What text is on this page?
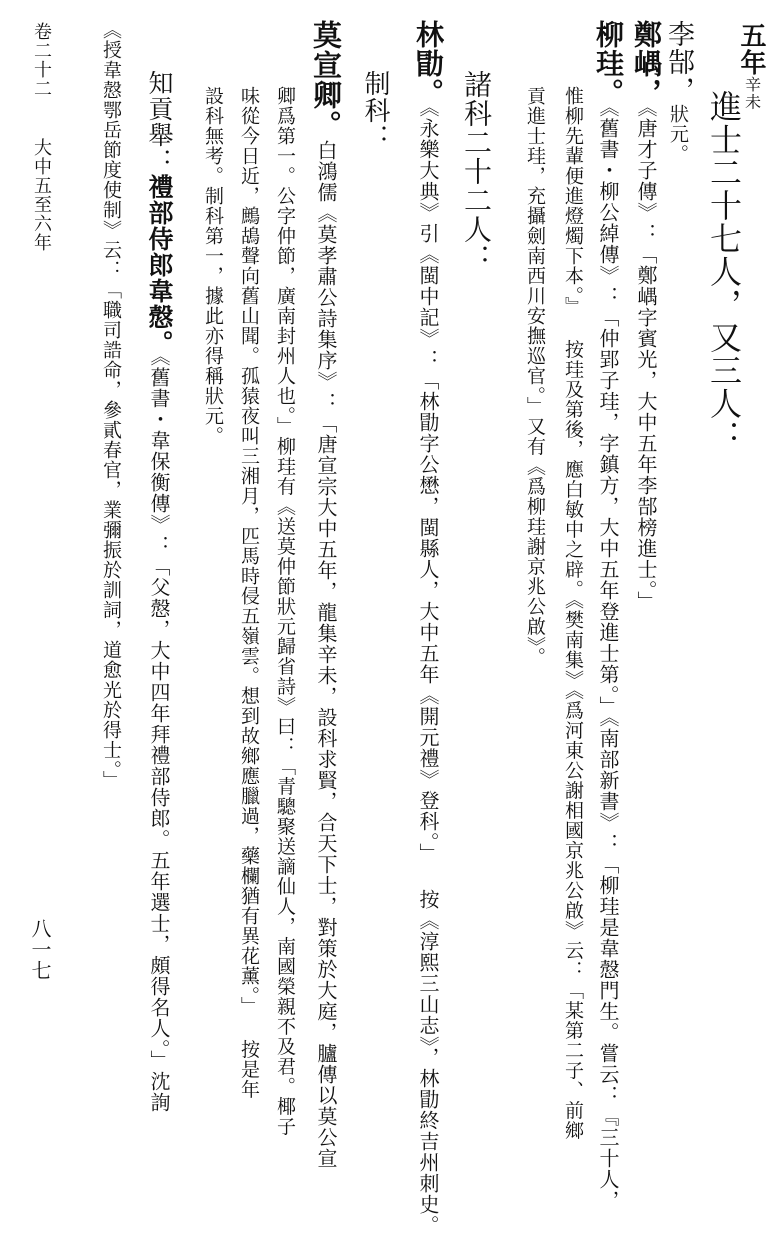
五年辛未
進士二十七人，又三人：
李郜，狀元。
鄭嵎，《唐才子傳》：「鄭嵎字賓光，大中五年李郜榜進士。」
柳珪。《舊書・柳公綽傳》：「仲郢子珪，字鎮方，大中五年登進士第。」《南部新書》：「柳珪是韋慤門生。嘗云：『三十人，
惟柳先輩便進燈燭下本。』 按珪及第後，應白敏中之辟。《樊南集》《爲河東公謝相國京兆公啟》云：「某第二子、前鄉
貢進士珪，充攝劍南西川安撫巡官。」又有《爲柳珪謝京兆公啟》。
諸科二十二人：
林勖。《永樂大典》引《閩中記》：「林勖字公懋，閩縣人，大中五年《開元禮》登科。」 按《淳熙三山志》，林勖終吉州刺史。
制科：
莫宣卿。白鴻儒《莫孝肅公詩集序》：「唐宣宗大中五年，龍集辛未，設科求賢，合天下士，對策於大庭，臚傳以莫公宣
卿爲第一。公字仲節，廣南封州人也。」柳珪有《送莫仲節狀元歸省詩》曰：「青驄聚送謫仙人，南國榮親不及君。椰子
味從今日近，鷓鴣聲向舊山聞。孤猿夜叫三湘月，匹馬時侵五嶺雲。想到故鄉應臘過，藥欄猶有異花薰。」 按是年
設科無考。制科第一，據此亦得稱狀元。
知貢舉：禮部侍郎韋慤。《舊書・韋保衡傳》：「父慤，大中四年拜禮部侍郎。五年選士，頗得名人。」沈詢
《授韋慤鄂岳節度使制》云：「職司誥命，參貳春官，業彌振於訓詞，道愈光於得士。」
卷二十二
大中五至六年
八一七
